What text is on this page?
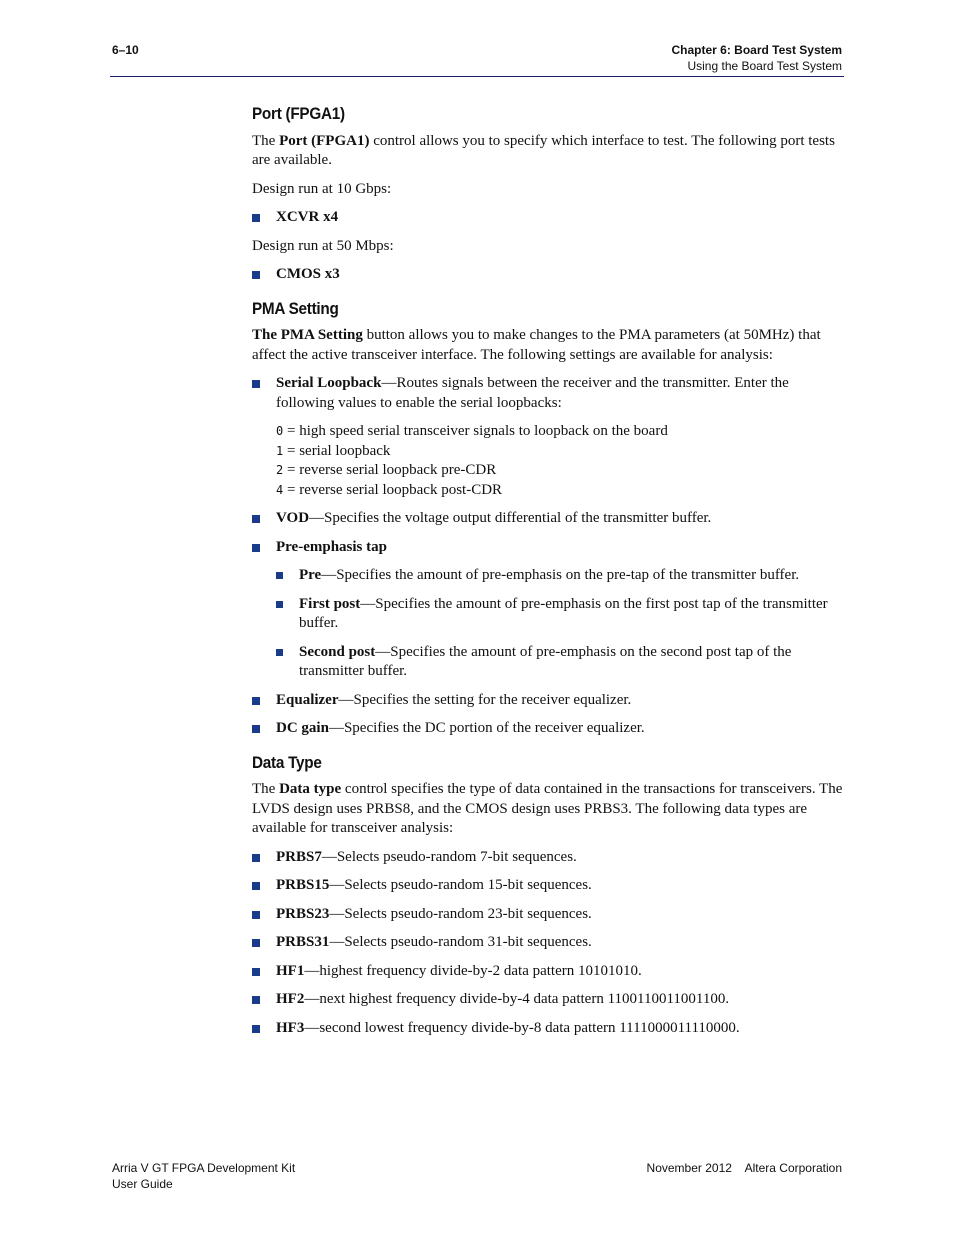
6–10	Chapter 6: Board Test System
Using the Board Test System
Port (FPGA1)

The Port (FPGA1) control allows you to specify which interface to test. The following port tests are available.

Design run at 10 Gbps:

XCVR x4

Design run at 50 Mbps:

CMOS x3
PMA Setting

The PMA Setting button allows you to make changes to the PMA parameters (at 50MHz) that affect the active transceiver interface. The following settings are available for analysis:

Serial Loopback—Routes signals between the receiver and the transmitter. Enter the following values to enable the serial loopbacks:
0 = high speed serial transceiver signals to loopback on the board
1 = serial loopback
2 = reverse serial loopback pre-CDR
4 = reverse serial loopback post-CDR
VOD—Specifies the voltage output differential of the transmitter buffer.
Pre-emphasis tap
Pre—Specifies the amount of pre-emphasis on the pre-tap of the transmitter buffer.
First post—Specifies the amount of pre-emphasis on the first post tap of the transmitter buffer.
Second post—Specifies the amount of pre-emphasis on the second post tap of the transmitter buffer.
Equalizer—Specifies the setting for the receiver equalizer.
DC gain—Specifies the DC portion of the receiver equalizer.
Data Type

The Data type control specifies the type of data contained in the transactions for transceivers. The LVDS design uses PRBS8, and the CMOS design uses PRBS3. The following data types are available for transceiver analysis:

PRBS7—Selects pseudo-random 7-bit sequences.
PRBS15—Selects pseudo-random 15-bit sequences.
PRBS23—Selects pseudo-random 23-bit sequences.
PRBS31—Selects pseudo-random 31-bit sequences.
HF1—highest frequency divide-by-2 data pattern 10101010.
HF2—next highest frequency divide-by-4 data pattern 1100110011001100.
HF3—second lowest frequency divide-by-8 data pattern 1111000011110000.
Arria V GT FPGA Development Kit
User Guide
November 2012    Altera Corporation
